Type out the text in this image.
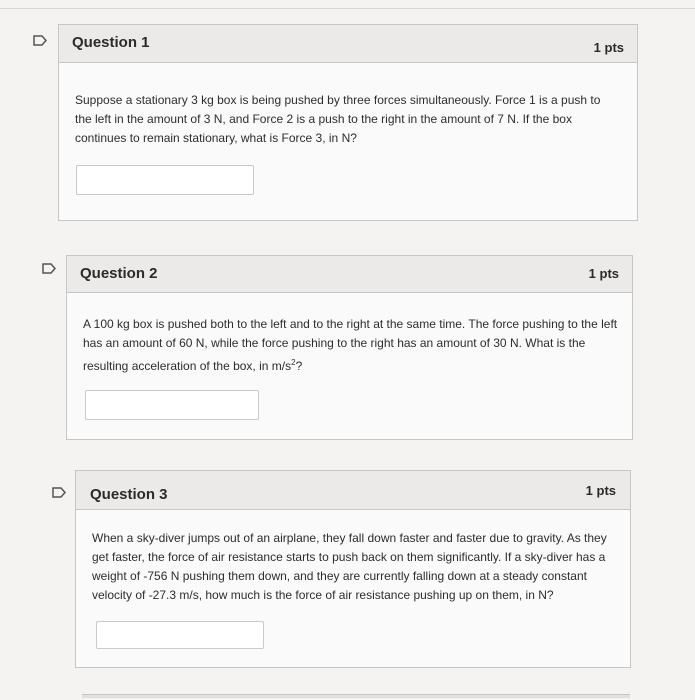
Question 1	1 pts
Suppose a stationary 3 kg box is being pushed by three forces simultaneously. Force 1 is a push to the left in the amount of 3 N, and Force 2 is a push to the right in the amount of 7 N. If the box continues to remain stationary, what is Force 3, in N?
Question 2	1 pts
A 100 kg box is pushed both to the left and to the right at the same time. The force pushing to the left has an amount of 60 N, while the force pushing to the right has an amount of 30 N. What is the resulting acceleration of the box, in $m/s^2$?
Question 3	1 pts
When a sky-diver jumps out of an airplane, they fall down faster and faster due to gravity. As they get faster, the force of air resistance starts to push back on them significantly. If a sky-diver has a weight of -756 N pushing them down, and they are currently falling down at a steady constant velocity of -27.3 m/s, how much is the force of air resistance pushing up on them, in N?
